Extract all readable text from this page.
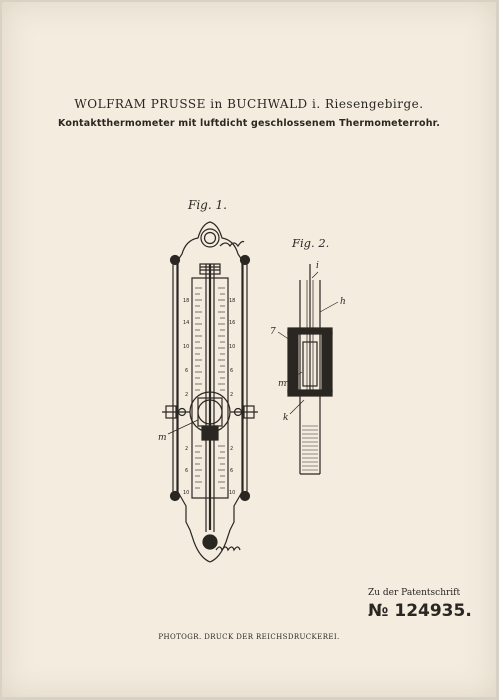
WOLFRAM PRUSSE in BUCHWALD i. Riesengebirge.
Kontaktthermometer mit luftdicht geschlossenem Thermometerrohr.
Fig. 1.
Fig. 2.
18
14
10
6
2
2
6
10
18
16
10
6
2
2
6
10
m
i
h
7
m
k
Zu der Patentschrift
№ 124935.
PHOTOGR. DRUCK DER REICHSDRUCKEREI.
